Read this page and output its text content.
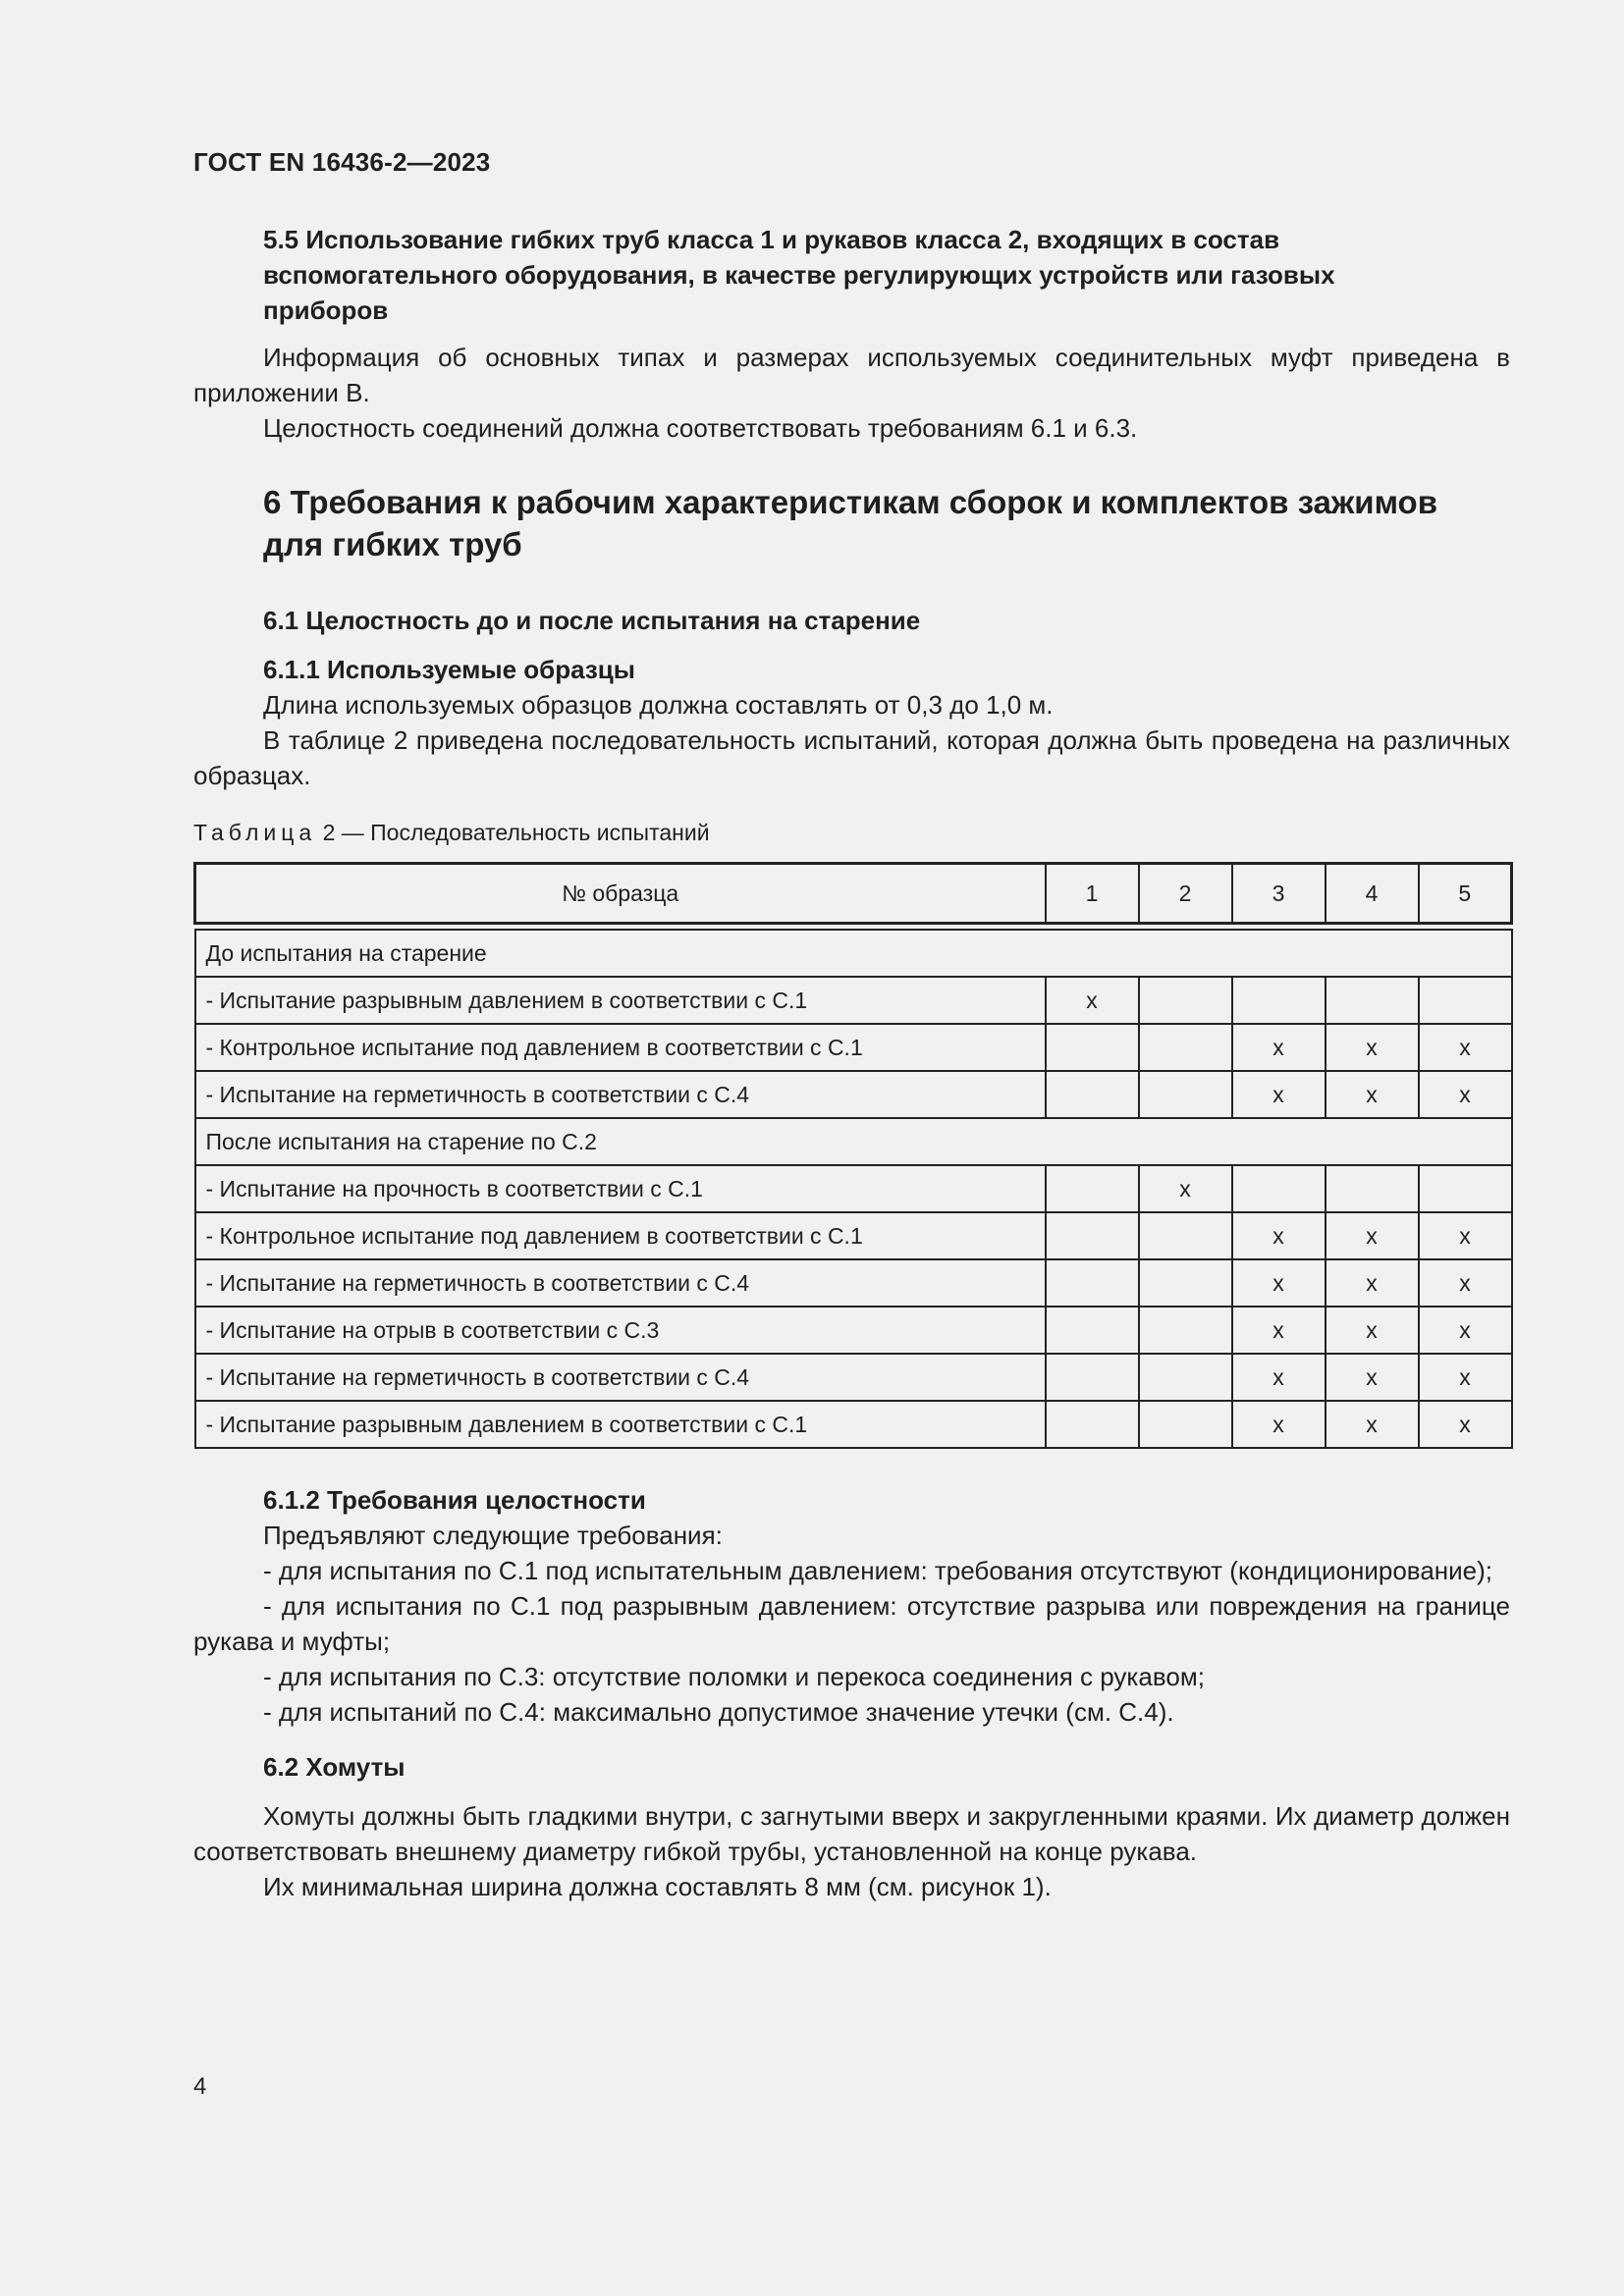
ГОСТ EN 16436-2—2023
5.5 Использование гибких труб класса 1 и рукавов класса 2, входящих в состав
вспомогательного оборудования, в качестве регулирующих устройств или газовых
приборов

Информация об основных типах и размерах используемых соединительных муфт приведена в приложении B.

Целостность соединений должна соответствовать требованиям 6.1 и 6.3.

6 Требования к рабочим характеристикам сборок и комплектов зажимов
для гибких труб
6.1 Целостность до и после испытания на старение
6.1.1 Используемые образцы

Длина используемых образцов должна составлять от 0,3 до 1,0 м.

В таблице 2 приведена последовательность испытаний, которая должна быть проведена на различных образцах.

Таблица 2 — Последовательность испытаний

№ образца	1	2	3	4	5

До испытания на старение					
- Испытание разрывным давлением в соответствии с С.1	x				
- Контрольное испытание под давлением в соответствии с С.1			x	x	x
- Испытание на герметичность в соответствии с С.4			x	x	x
После испытания на старение по С.2					
- Испытание на прочность в соответствии с С.1		x			
- Контрольное испытание под давлением в соответствии с С.1			x	x	x
- Испытание на герметичность в соответствии с С.4			x	x	x
- Испытание на отрыв в соответствии с С.3			x	x	x
- Испытание на герметичность в соответствии с С.4			x	x	x
- Испытание разрывным давлением в соответствии с С.1			x	x	x
6.1.2 Требования целостности

Предъявляют следующие требования:

- для испытания по С.1 под испытательным давлением: требования отсутствуют (кондиционирование);

- для испытания по С.1 под разрывным давлением: отсутствие разрыва или повреждения на границе рукава и муфты;

- для испытания по С.3: отсутствие поломки и перекоса соединения с рукавом;

- для испытаний по С.4: максимально допустимое значение утечки (см. С.4).

6.2 Хомуты

Хомуты должны быть гладкими внутри, с загнутыми вверх и закругленными краями. Их диаметр должен соответствовать внешнему диаметру гибкой трубы, установленной на конце рукава.

Их минимальная ширина должна составлять 8 мм (см. рисунок 1).

4
